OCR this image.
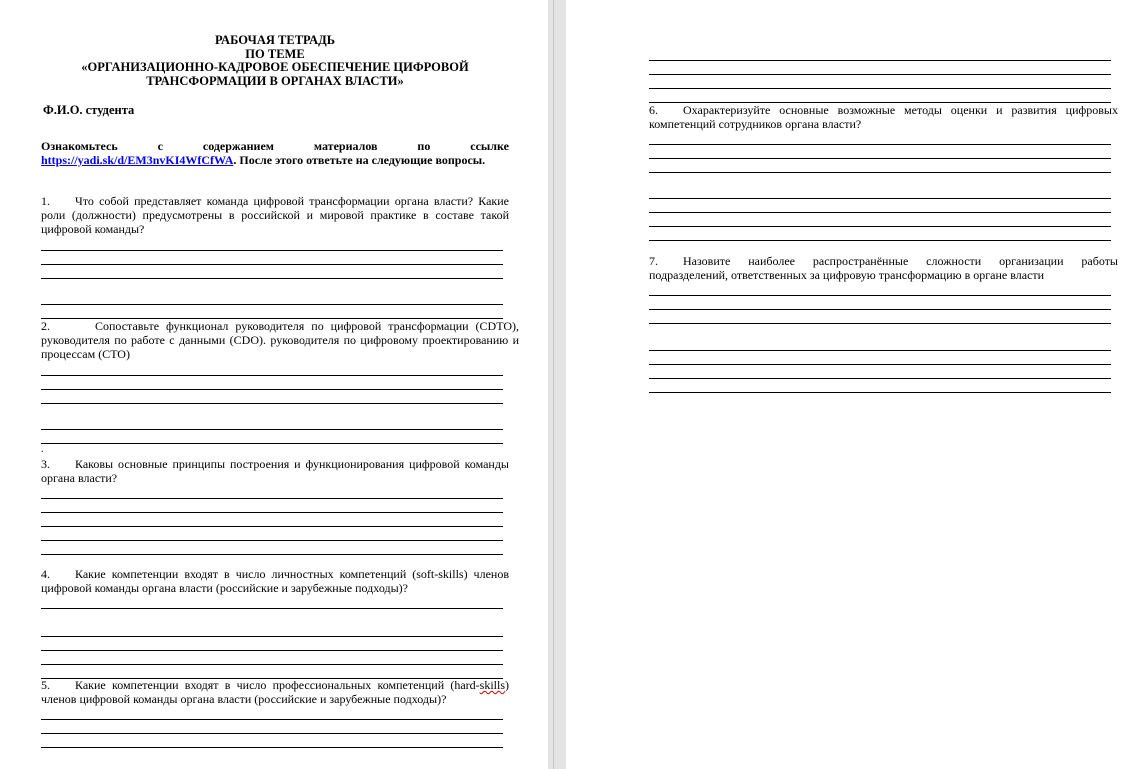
РАБОЧАЯ ТЕТРАДЬ
ПО ТЕМЕ
«ОРГАНИЗАЦИОННО-КАДРОВОЕ ОБЕСПЕЧЕНИЕ ЦИФРОВОЙ
ТРАНСФОРМАЦИИ В ОРГАНАХ ВЛАСТИ»
Ф.И.О. студента
Ознакомьтесь	с	содержанием	материалов	по	ссылке
https://yadi.sk/d/EM3nvKI4WfCfWA. После этого ответьте на следующие вопросы.
1. Что собой представляет команда цифровой трансформации органа власти? Какие роли (должности) предусмотрены в российской и мировой практике в составе такой цифровой команды?
2.	Сопоставьте функционал руководителя по цифровой трансформации (CDTO), руководителя по работе с данными (CDO). руководителя по цифровому проектированию и процессам (CTO)
.
3. Каковы основные принципы построения и функционирования цифровой команды органа власти?
4. Какие компетенции входят в число личностных компетенций (soft-skills) членов цифровой команды органа власти (российские и зарубежные подходы)?
5. Какие компетенции входят в число профессиональных компетенций (hard-skills) членов цифровой команды органа власти (российские и зарубежные подходы)?
6. Охарактеризуйте основные возможные методы оценки и развития цифровых компетенций сотрудников органа власти?
7. Назовите наиболее распространённые сложности организации работы подразделений, ответственных за цифровую трансформацию в органе власти
